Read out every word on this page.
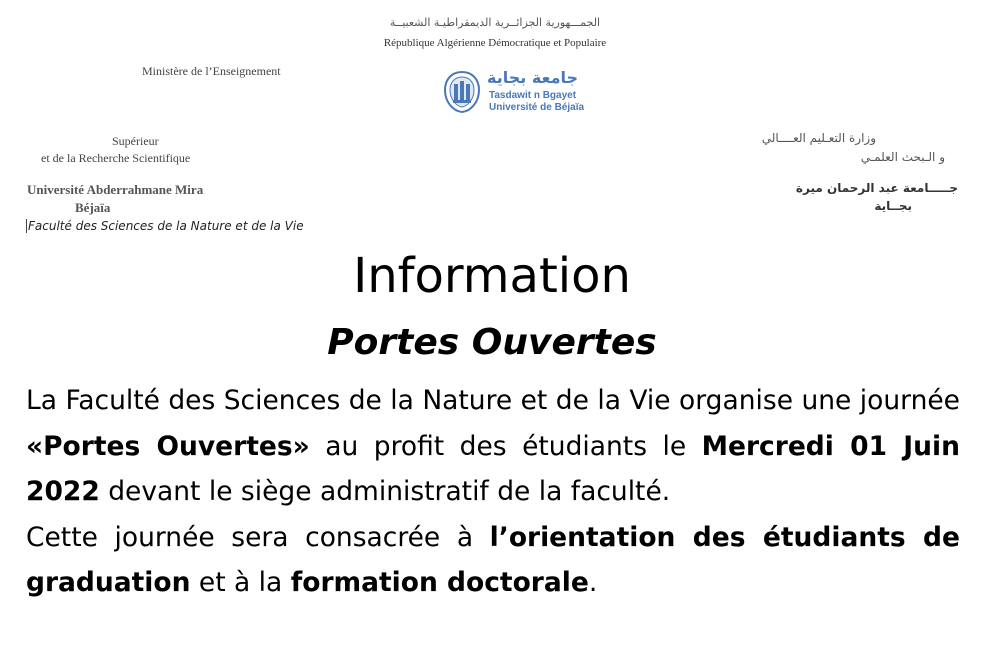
الجمـــهورية الجزائــرية الديمقراطيـة الشعبيــة
République Algérienne Démocratique et Populaire
Ministère de l’Enseignement
Supérieur
et de la Recherche Scientifique
Université Abderrahmane Mira
Béjaïa
Faculté des Sciences de la Nature et de la Vie
وزارة التعـليم العــــالي
و الـبحث العلمـي
جـــــامعة عبد الرحمان ميرة
بجــاية
جامعة بجاية
Tasdawit n Bgayet
Université de Béjaïa
Information
Portes Ouvertes

La Faculté des Sciences de la Nature et de la Vie organise une journée «Portes Ouvertes» au profit des étudiants le Mercredi 01 Juin 2022 devant le siège administratif de la faculté.

Cette journée sera consacrée à l’orientation des étudiants de graduation et à la formation doctorale.
